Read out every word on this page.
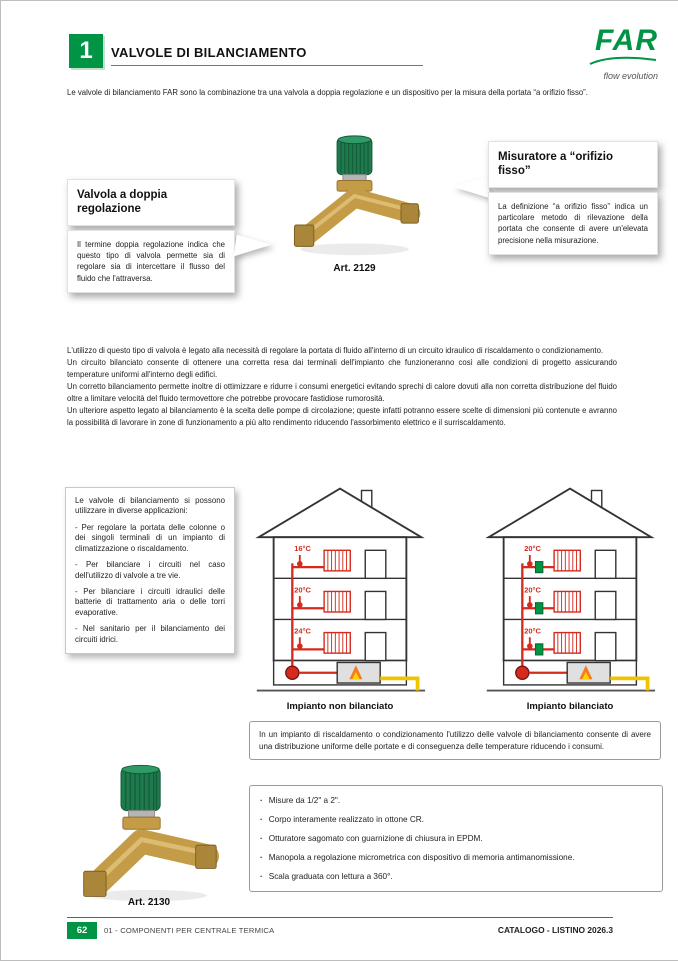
1 VALVOLE DI BILANCIAMENTO	FAR
flow evolution
Le valvole di bilanciamento FAR sono la combinazione tra una valvola a doppia regolazione e un dispositivo per la misura della portata “a orifizio fisso”.
Valvola a doppia regolazione
Il termine doppia regolazione indica che questo tipo di valvola permette sia di regolare sia di intercettare il flusso del fluido che l'attraversa.
Art. 2129
Misuratore a “orifizio fisso”
La definizione “a orifizio fisso” indica un particolare metodo di rilevazione della portata che consente di avere un'elevata precisione nella misurazione.

L'utilizzo di questo tipo di valvola è legato alla necessità di regolare la portata di fluido all'interno di un circuito idraulico di riscaldamento o condizionamento.

Un circuito bilanciato consente di ottenere una corretta resa dai terminali dell'impianto che funzioneranno così alle condizioni di progetto assicurando temperature uniformi all'interno degli edifici.

Un corretto bilanciamento permette inoltre di ottimizzare e ridurre i consumi energetici evitando sprechi di calore dovuti alla non corretta distribuzione del fluido oltre a limitare velocità del fluido termovettore che potrebbe provocare fastidiose rumorosità.

Un ulteriore aspetto legato al bilanciamento è la scelta delle pompe di circolazione; queste infatti potranno essere scelte di dimensioni più contenute e avranno la possibilità di lavorare in zone di funzionamento a più alto rendimento riducendo l'assorbimento elettrico e il surriscaldamento.

Le valvole di bilanciamento si possono utilizzare in diverse applicazioni:

- Per regolare la portata delle colonne o dei singoli terminali di un impianto di climatizzazione o riscaldamento.

- Per bilanciare i circuiti nel caso dell'utilizzo di valvole a tre vie.

- Per bilanciare i circuiti idraulici delle batterie di trattamento aria o delle torri evaporative.

- Nel sanitario per il bilanciamento dei circuiti idrici.

16°C
20°C
24°C
20°C
20°C
20°C
Impianto non bilanciato	Impianto bilanciato
In un impianto di riscaldamento o condizionamento l'utilizzo delle valvole di bilanciamento consente di avere una distribuzione uniforme delle portate e di conseguenza delle temperature riducendo i consumi.
Art. 2130
· Misure da 1/2" a 2".
· Corpo interamente realizzato in ottone CR.
· Otturatore sagomato con guarnizione di chiusura in EPDM.
· Manopola a regolazione micrometrica con dispositivo di memoria antimanomissione.
· Scala graduata con lettura a 360°.
62	01 - COMPONENTI PER CENTRALE TERMICA	CATALOGO - LISTINO 2026.3
